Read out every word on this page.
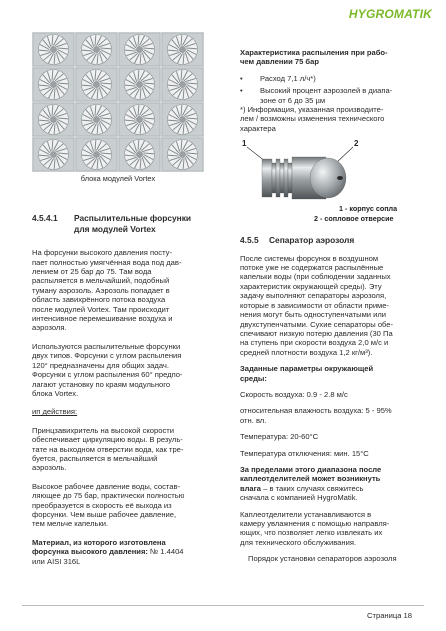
HYGROMATIK

блока модулей Vortex

4.5.4.1	Распылительные форсунки
для модулей Vortex

На форсунки высокого давления посту-

пает полностью умягчённая вода под дав-

лением от 25 бар до 75. Там вода

распыляется в мельчайший, подобный

туману аэрозоль. Аэрозоль попадает в

область завихрённого потока воздуха

после модулей Vortex. Там происходит

интенсивное перемешивание воздуха и

аэрозоля.

Используются распылительные форсунки

двух типов. Форсунки с углом распыления

120° предназначены для общих задач.

Форсунки с углом распыления 60° предпо-

лагают установку по краям модульного

блока Vortex.

ип действия:

Принцзавихритель на высокой скорости

обеспечивает циркуляцию воды. В резуль-

тате на выходном отверстии вода, как тре-

буется, распыляется в мельчайший

аэрозоль.

Высокое рабочее давление воды, состав-

ляющее до 75 бар, практически полностью

преобразуется в скорость её выхода из

форсунки. Чем выше рабочее давление,

тем мельче капельки.

Материал, из которого изготовлена

форсунка высокого давления: № 1.4404

или AISI 316L

Характеристика распыления при рабо-

чем давлении 75 бар

• Расход 7,1 л/ч*)
• Высокий процент аэрозолей в диапа-

зоне от 6 до 35 µм

*) Информация, указанная производите-

лем / возможны изменения технического

характера

1	2
1 - корпус сопла
2 - сопловое отверсие
4.5.5	Сепаратор аэрозоля

После системы форсунок в воздушном

потоке уже не содержатся распылённые

капельки воды (при соблюдении заданных

характеристик окружающей среды). Эту

задачу выполняют сепараторы аэрозоля,

которые в зависимости от области приме-

нения могут быть одноступенчатыми или

двухступенчатыми. Сухие сепараторы обе-

спечивают низкую потерю давления (30 Па

на ступень при скорости воздуха 2,0 м/с и

средней плотности воздуха 1,2 кг/м³).

Заданные параметры окружающей

среды:

Скорость воздуха: 0.9 - 2.8 м/с

относительная влажность воздуха: 5 - 95%

отн. вл.

Температура: 20-60°C

Температура отключения: мин. 15°C

За пределами этого диапазона после

каплеотделителей может возникнуть

влага – в таких случаях свяжитесь

сначала с компанией HygroMatik.

Каплеотделители устанавливаются в

камеру увлажнения с помощью направля-

ющих, что позволяет легко извлекать их

для технического обслуживания.

Порядок установки сепараторов аэрозоля

Страница 18
